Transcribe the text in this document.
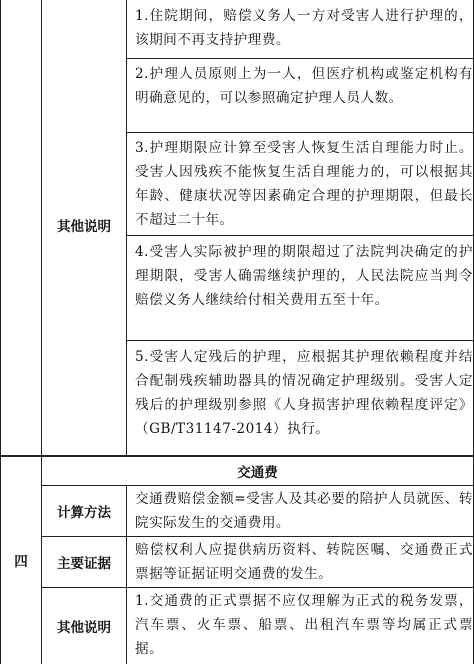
其他说明
1.住院期间，赔偿义务人一方对受害人进行护理的，该期间不再支持护理费。
2.护理人员原则上为一人，但医疗机构或鉴定机构有明确意见的，可以参照确定护理人员人数。
3.护理期限应计算至受害人恢复生活自理能力时止。受害人因残疾不能恢复生活自理能力的，可以根据其年龄、健康状况等因素确定合理的护理期限，但最长不超过二十年。
4.受害人实际被护理的期限超过了法院判决确定的护理期限，受害人确需继续护理的，人民法院应当判令赔偿义务人继续给付相关费用五至十年。
5.受害人定残后的护理，应根据其护理依赖程度并结合配制残疾辅助器具的情况确定护理级别。受害人定残后的护理级别参照《人身损害护理依赖程度评定》（GB/T31147-2014）执行。
四
交通费
计算方法
交通费赔偿金额=受害人及其必要的陪护人员就医、转院实际发生的交通费用。
主要证据
赔偿权利人应提供病历资料、转院医嘱、交通费正式票据等证据证明交通费的发生。
其他说明
1.交通费的正式票据不应仅理解为正式的税务发票，汽车票、火车票、船票、出租汽车票等均属正式票据。
